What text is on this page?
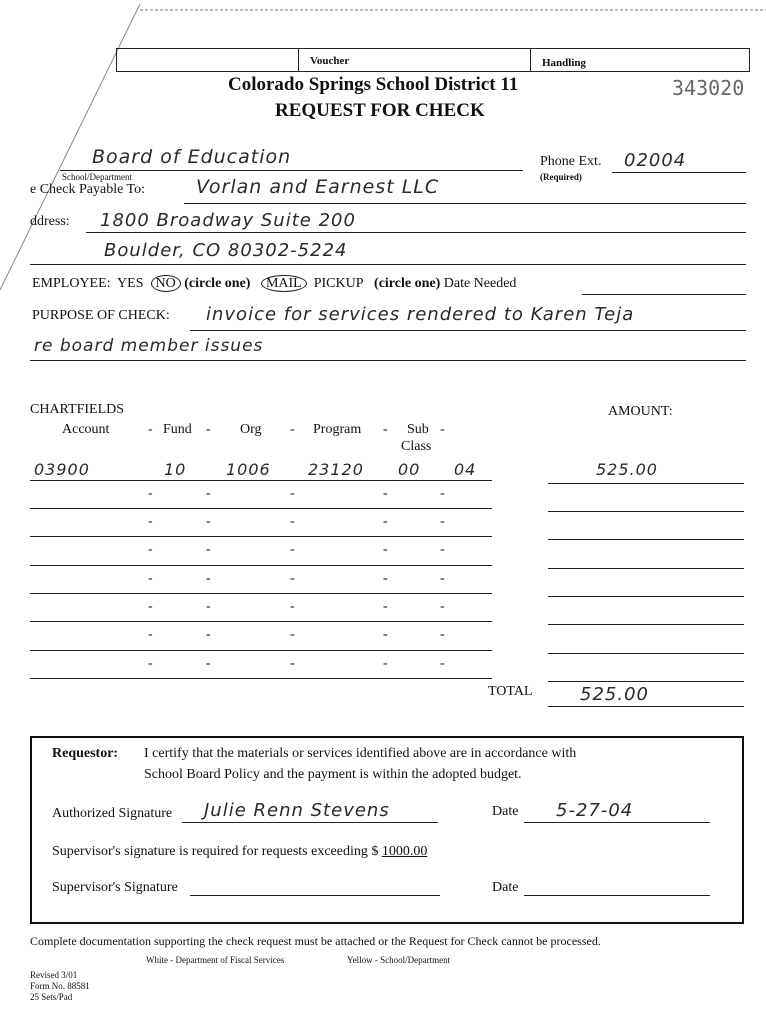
Voucher	Handling
Colorado Springs School District 11
REQUEST FOR CHECK
343020
Board of Education
School/Department
Phone Ext. 02004
(Required)
e Check Payable To:	Vorlan and Earnest LLC
ddress: 1800 Broadway Suite 200
Boulder, CO 80302-5224
EMPLOYEE: YES NO (circle one) MAIL PICKUP (circle one) Date Needed
PURPOSE OF CHECK: invoice for services rendered to Karen Teja
re board member issues
CHARTFIELDS	AMOUNT:
Account	- Fund - Org - Program - Sub -
Class
03900	10 1006 23120 00 04	525.00
-	-	-	-	-
-	-	-	-	-
-	-	-	-	-
-	-	-	-	-
-	-	-	-	-
-	-	-	-	-
-	-	-	-	-
TOTAL	525.00
Requestor: I certify that the materials or services identified above are in accordance with
School Board Policy and the payment is within the adopted budget.
Authorized Signature Julie Renn Stevens	Date 5-27-04
Supervisor's signature is required for requests exceeding $ 1000.00
Supervisor's Signature	Date
Complete documentation supporting the check request must be attached or the Request for Check cannot be processed.
White - Department of Fiscal Services	Yellow - School/Department
Revised 3/01
Form No. 88581
25 Sets/Pad
